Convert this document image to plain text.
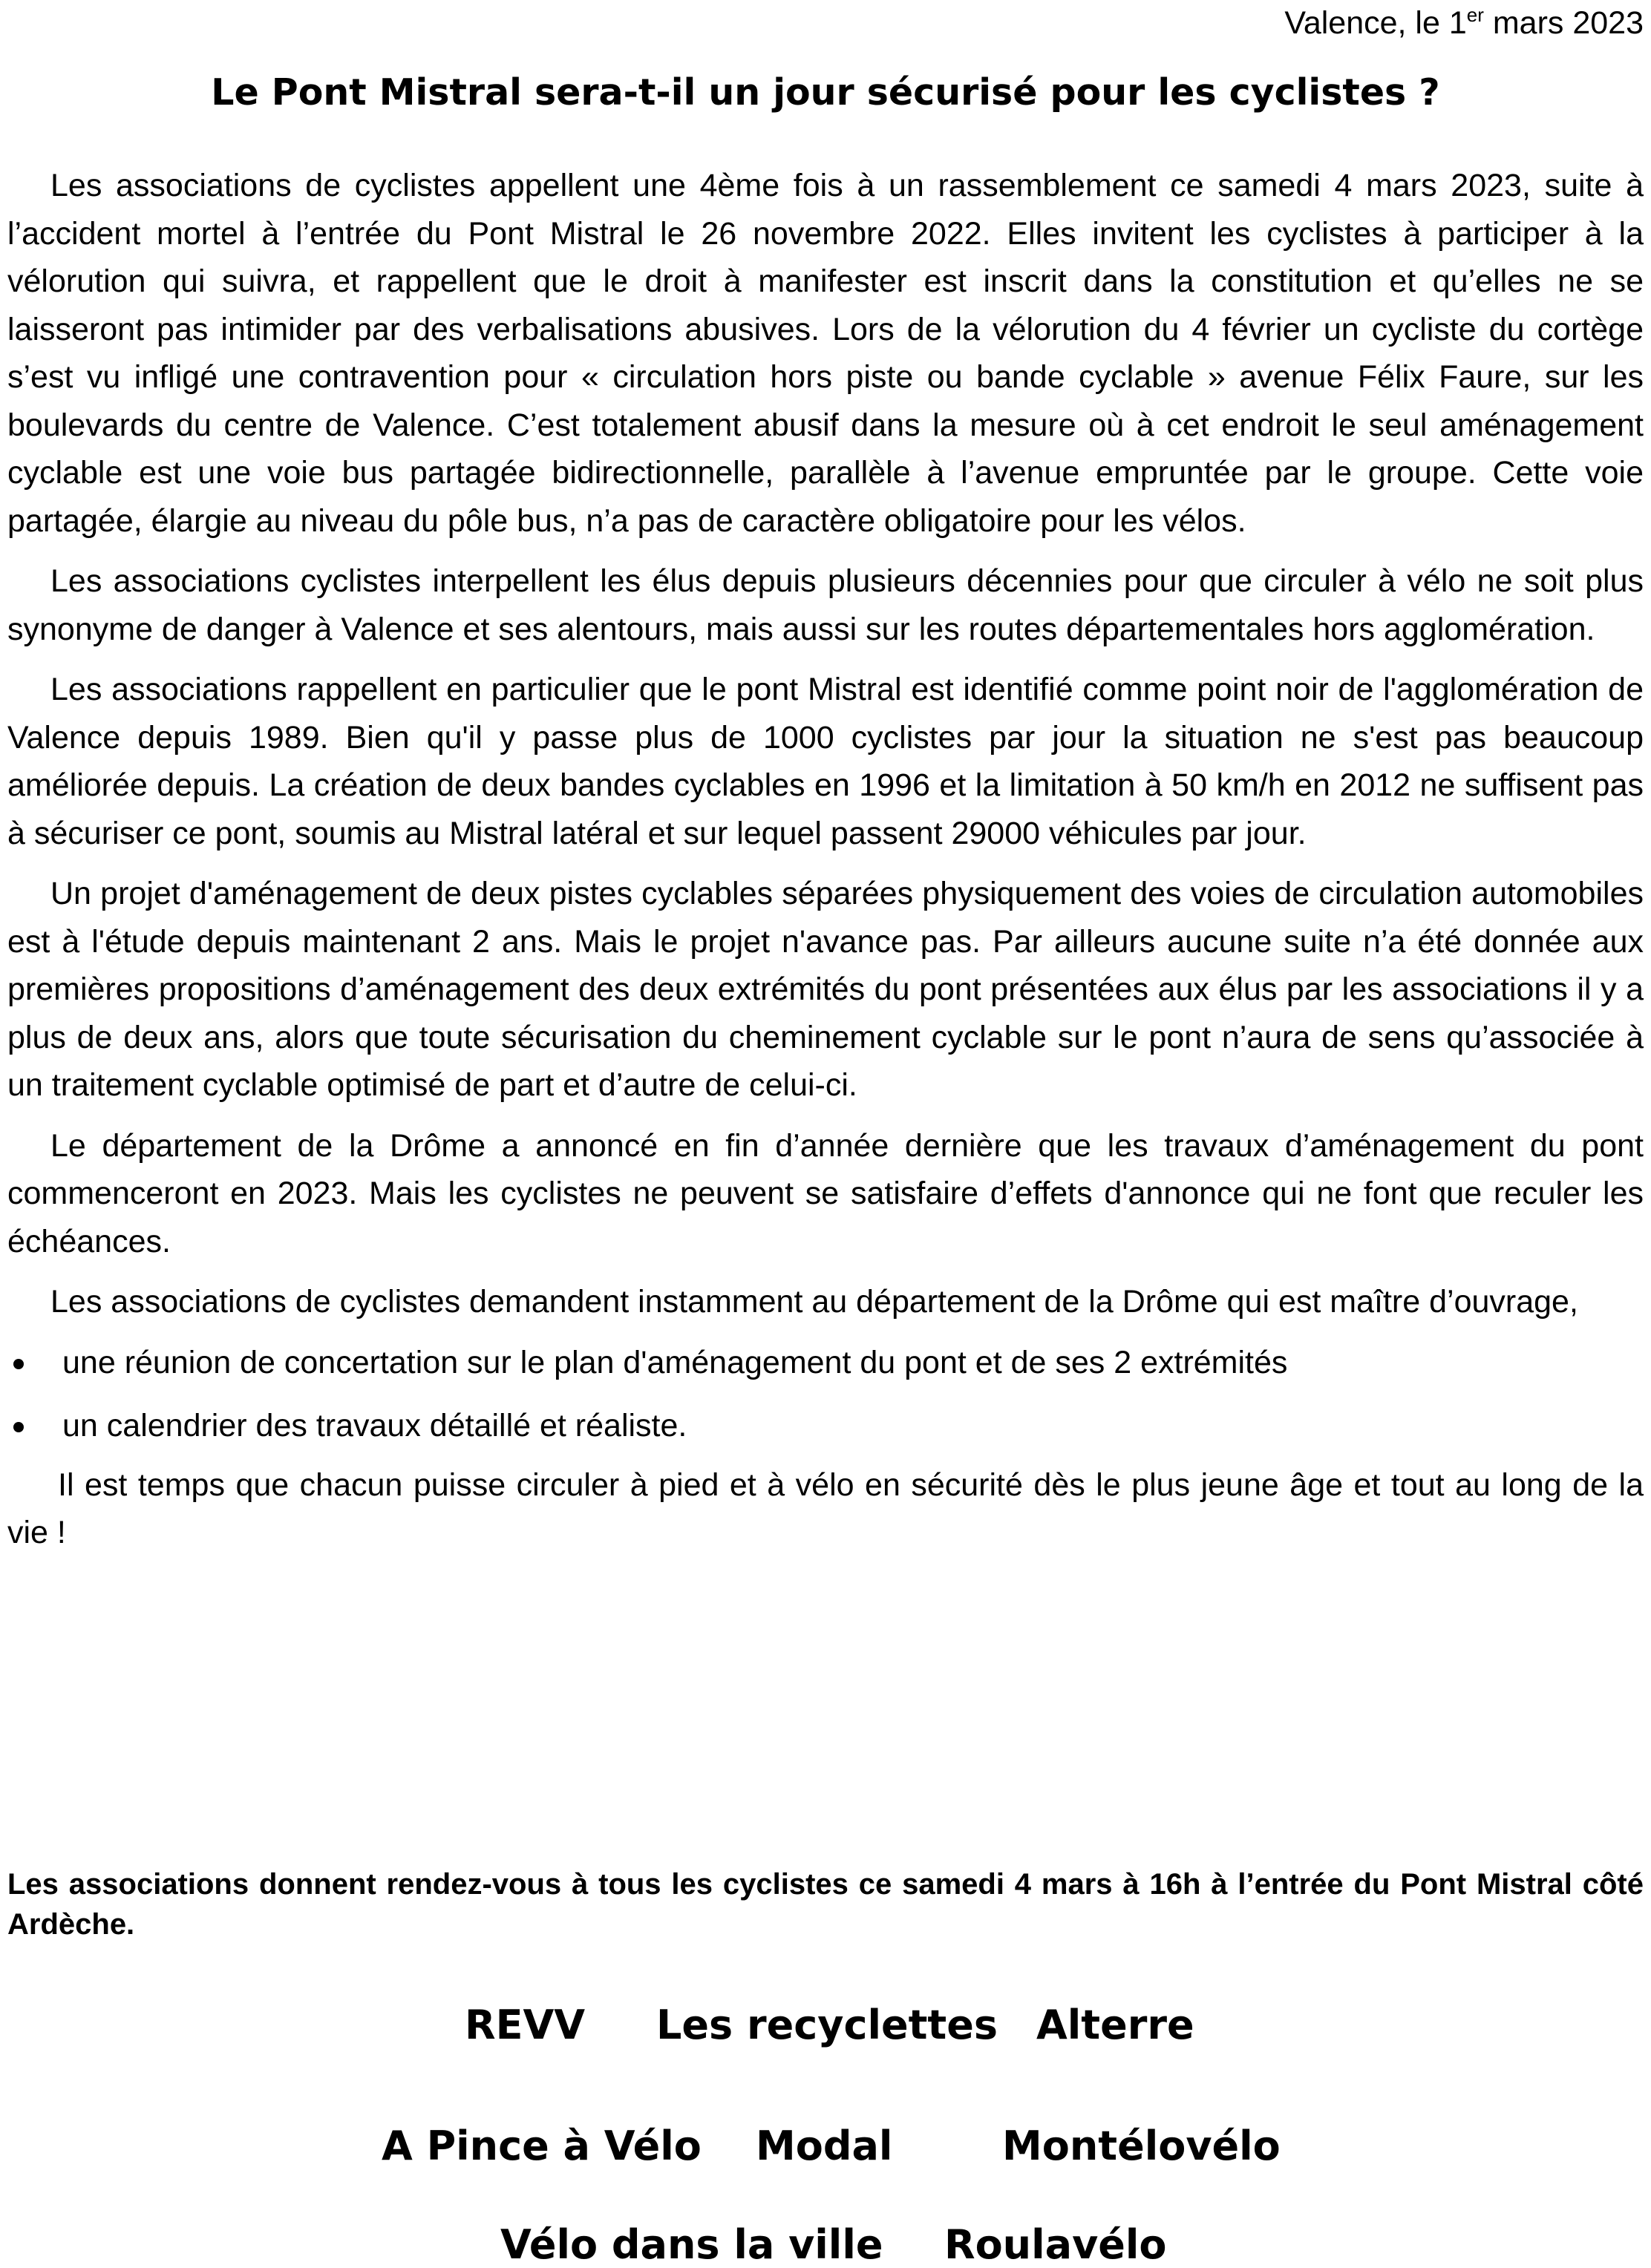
Valence, le 1er mars 2023
Le Pont Mistral sera-t-il un jour sécurisé pour les cyclistes ?

Les associations de cyclistes appellent une 4ème fois à un rassemblement ce samedi 4 mars 2023, suite à l’accident mortel à l’entrée du Pont Mistral le 26 novembre 2022. Elles invitent les cyclistes à participer à la vélorution qui suivra, et rappellent que le droit à manifester est inscrit dans la constitution et qu’elles ne se laisseront pas intimider par des verbalisations abusives. Lors de la vélorution du 4 février un cycliste du cortège s’est vu infligé une contravention pour « circulation hors piste ou bande cyclable » avenue Félix Faure, sur les boulevards du centre de Valence. C’est totalement abusif dans la mesure où à cet endroit le seul aménagement cyclable est une voie bus partagée bidirectionnelle, parallèle à l’avenue empruntée par le groupe. Cette voie partagée, élargie au niveau du pôle bus, n’a pas de caractère obligatoire pour les vélos.

Les associations cyclistes interpellent les élus depuis plusieurs décennies pour que circuler à vélo ne soit plus synonyme de danger à Valence et ses alentours, mais aussi sur les routes départementales hors agglomération.

Les associations rappellent en particulier que le pont Mistral est identifié comme point noir de l'agglomération de Valence depuis 1989. Bien qu'il y passe plus de 1000 cyclistes par jour la situation ne s'est pas beaucoup améliorée depuis. La création de deux bandes cyclables en 1996 et la limitation à 50 km/h en 2012 ne suffisent pas à sécuriser ce pont, soumis au Mistral latéral et sur lequel passent 29000 véhicules par jour.

Un projet d'aménagement de deux pistes cyclables séparées physiquement des voies de circulation automobiles est à l'étude depuis maintenant 2 ans. Mais le projet n'avance pas. Par ailleurs aucune suite n’a été donnée aux premières propositions d’aménagement des deux extrémités du pont présentées aux élus par les associations il y a plus de deux ans, alors que toute sécurisation du cheminement cyclable sur le pont n’aura de sens qu’associée à un traitement cyclable optimisé de part et d’autre de celui-ci.

Le département de la Drôme a annoncé en fin d’année dernière que les travaux d’aménagement du pont commenceront en 2023. Mais les cyclistes ne peuvent se satisfaire d’effets d'annonce qui ne font que reculer les échéances.

Les associations de cyclistes demandent instamment au département de la Drôme qui est maître d’ouvrage,

une réunion de concertation sur le plan d'aménagement du pont et de ses 2 extrémités
un calendrier des travaux détaillé et réaliste.

Il est temps que chacun puisse circuler à pied et à vélo en sécurité dès le plus jeune âge et tout au long de la vie !

Les associations donnent rendez-vous à tous les cyclistes ce samedi 4 mars à 16h à l’entrée du Pont Mistral côté Ardèche.

REVV Les recyclettes Alterre
A Pince à Vélo Modal	Montélovélo
Vélo dans la ville Roulavélo
